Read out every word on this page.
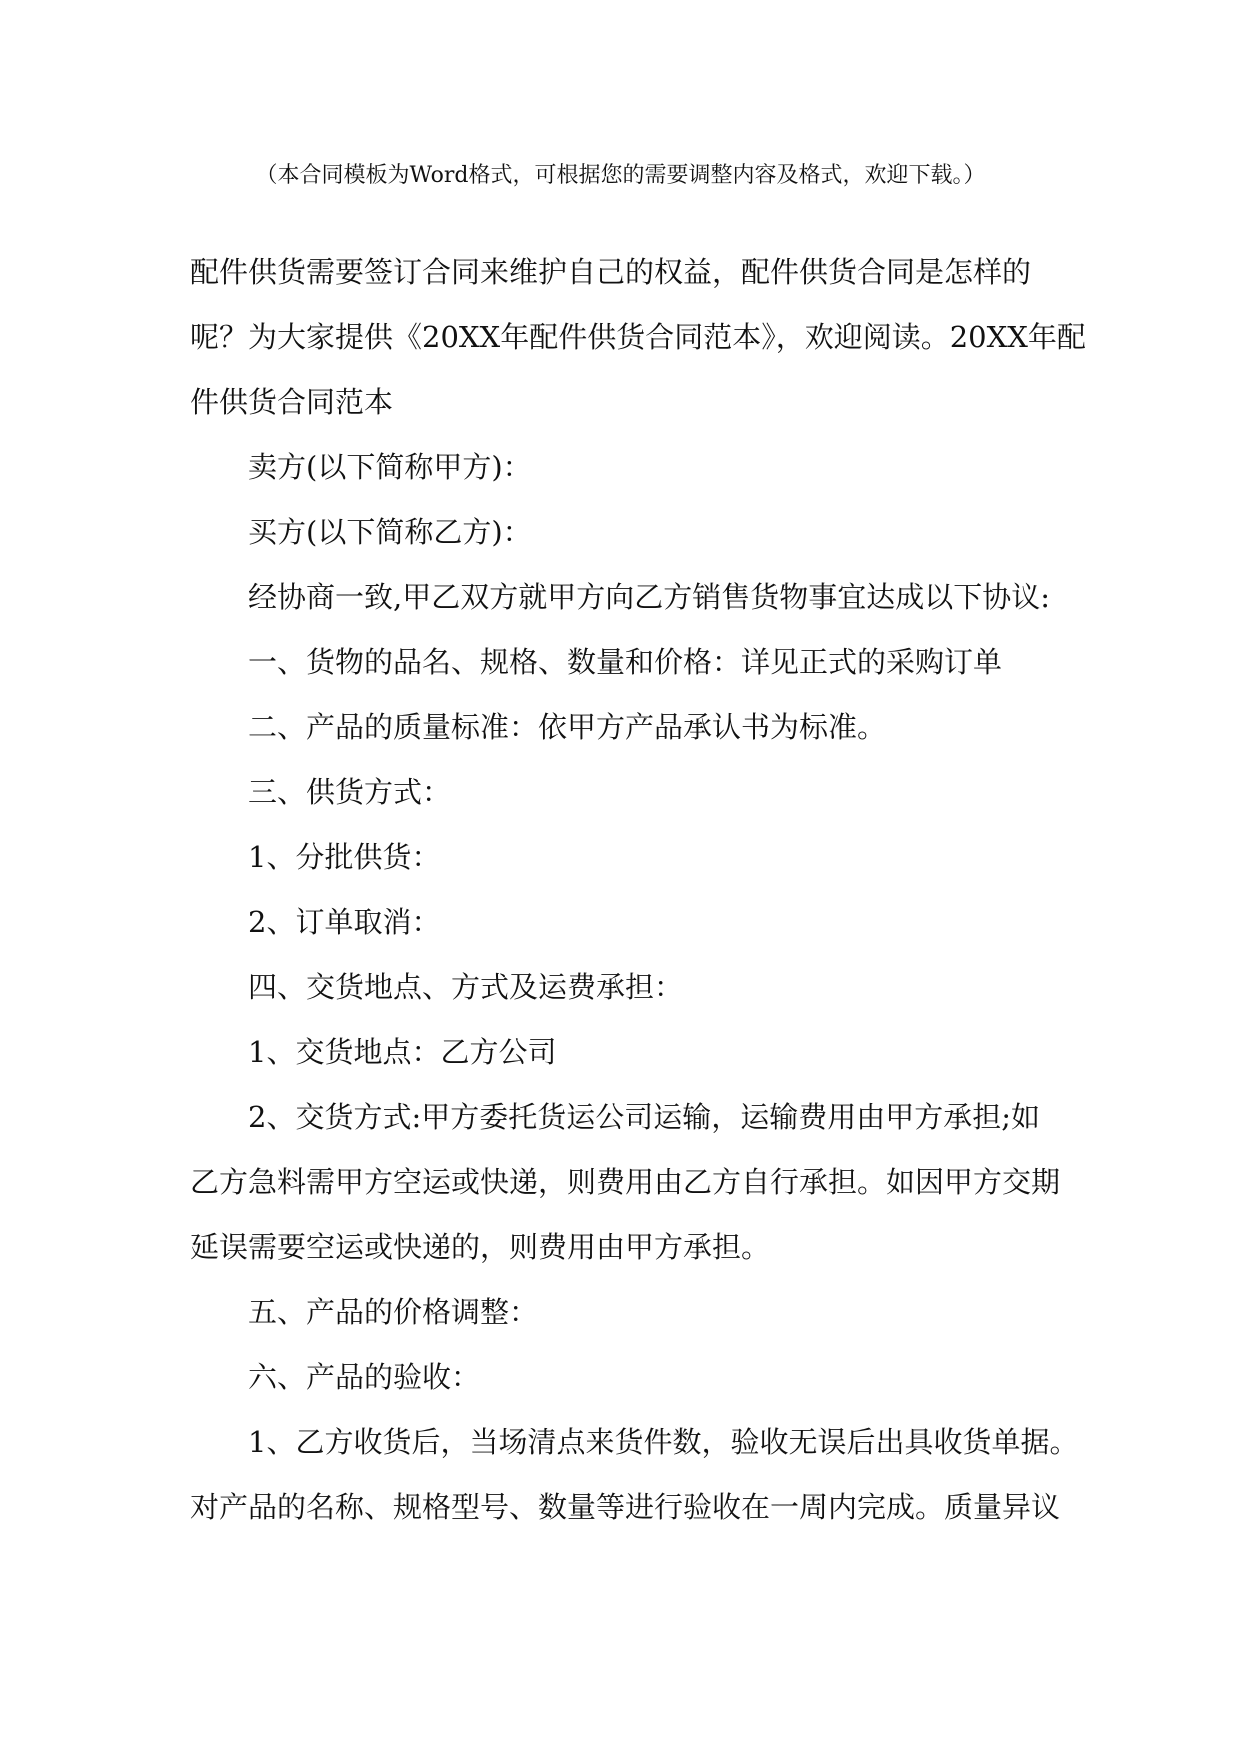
（本合同模板为Word格式，可根据您的需要调整内容及格式，欢迎下载。）
配件供货需要签订合同来维护自己的权益，配件供货合同是怎样的
呢？为大家提供《20XX年配件供货合同范本》，欢迎阅读。20XX年配
件供货合同范本
卖方(以下简称甲方)：
买方(以下简称乙方)：
经协商一致,甲乙双方就甲方向乙方销售货物事宜达成以下协议:
一、货物的品名、规格、数量和价格：详见正式的采购订单
二、产品的质量标准：依甲方产品承认书为标准。
三、供货方式：
1、分批供货：
2、订单取消：
四、交货地点、方式及运费承担：
1、交货地点：乙方公司
2、交货方式:甲方委托货运公司运输，运输费用由甲方承担;如
乙方急料需甲方空运或快递，则费用由乙方自行承担。如因甲方交期
延误需要空运或快递的，则费用由甲方承担。
五、产品的价格调整：
六、产品的验收：
1、乙方收货后，当场清点来货件数，验收无误后出具收货单据。
对产品的名称、规格型号、数量等进行验收在一周内完成。质量异议
